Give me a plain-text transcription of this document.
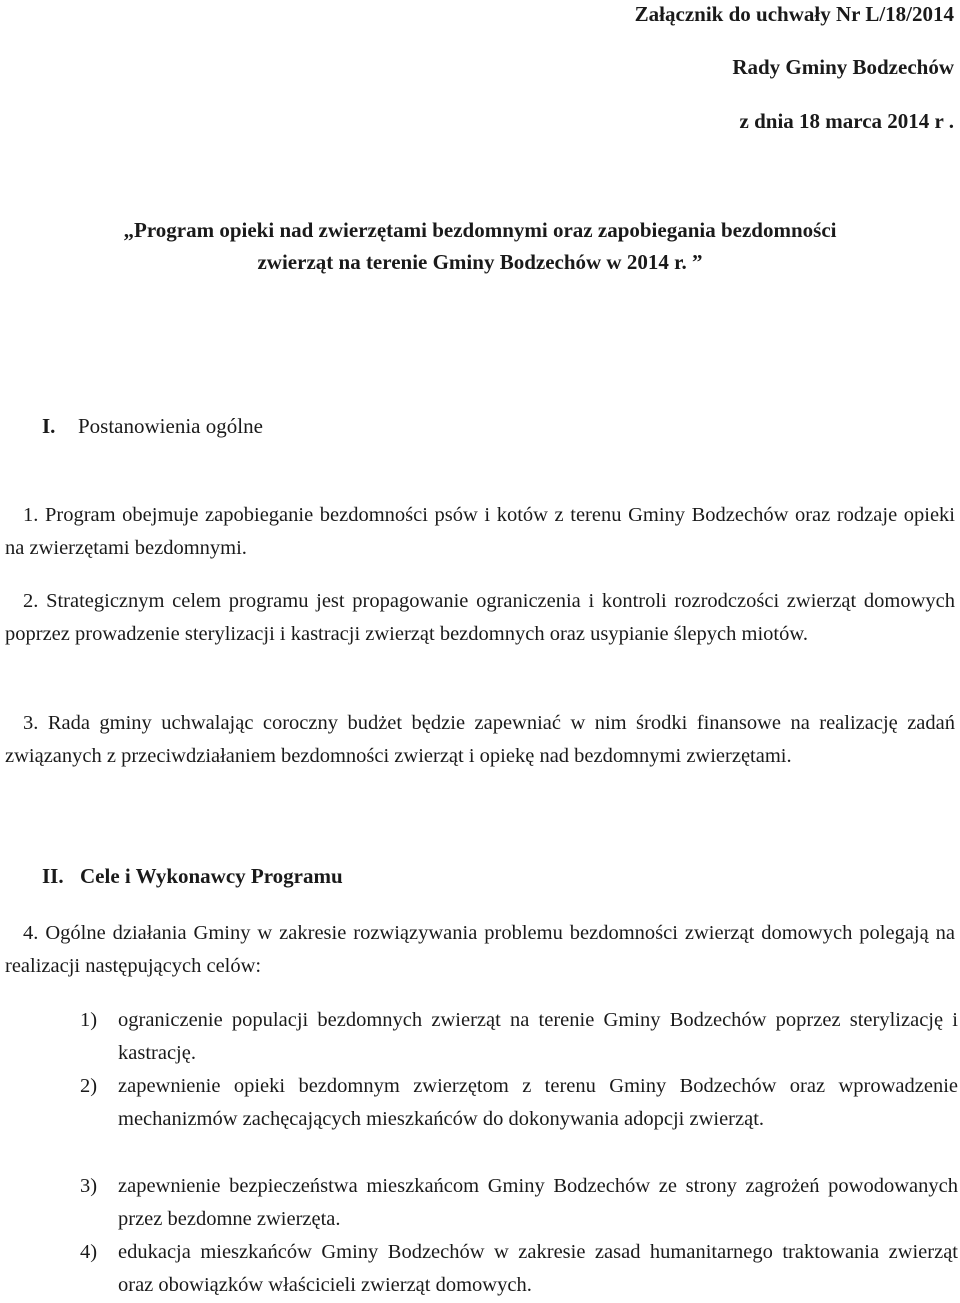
Załącznik do uchwały Nr L/18/2014
Rady Gminy Bodzechów
z dnia 18 marca 2014 r .
„Program opieki nad zwierzętami bezdomnymi oraz zapobiegania bezdomności
zwierząt na terenie Gminy Bodzechów w 2014 r. ”
I. Postanowienia ogólne
1. Program obejmuje zapobieganie bezdomności psów i kotów z terenu Gminy Bodzechów oraz rodzaje opieki na zwierzętami bezdomnymi.
2. Strategicznym celem programu jest propagowanie ograniczenia i kontroli rozrodczości zwierząt domowych poprzez prowadzenie sterylizacji i kastracji zwierząt bezdomnych oraz usypianie ślepych miotów.
3. Rada gminy uchwalając coroczny budżet będzie zapewniać w nim środki finansowe na realizację zadań związanych z przeciwdziałaniem bezdomności zwierząt i opiekę nad bezdomnymi zwierzętami.
II. Cele i Wykonawcy Programu
4. Ogólne działania Gminy w zakresie rozwiązywania problemu bezdomności zwierząt domowych polegają na realizacji następujących celów:
1) ograniczenie populacji bezdomnych zwierząt na terenie Gminy Bodzechów poprzez sterylizację i kastrację.
2) zapewnienie opieki bezdomnym zwierzętom z terenu Gminy Bodzechów oraz wprowadzenie mechanizmów zachęcających mieszkańców do dokonywania adopcji zwierząt.
3) zapewnienie bezpieczeństwa mieszkańcom Gminy Bodzechów ze strony zagrożeń powodowanych przez bezdomne zwierzęta.
4) edukacja mieszkańców Gminy Bodzechów w zakresie zasad humanitarnego traktowania zwierząt oraz obowiązków właścicieli zwierząt domowych.
